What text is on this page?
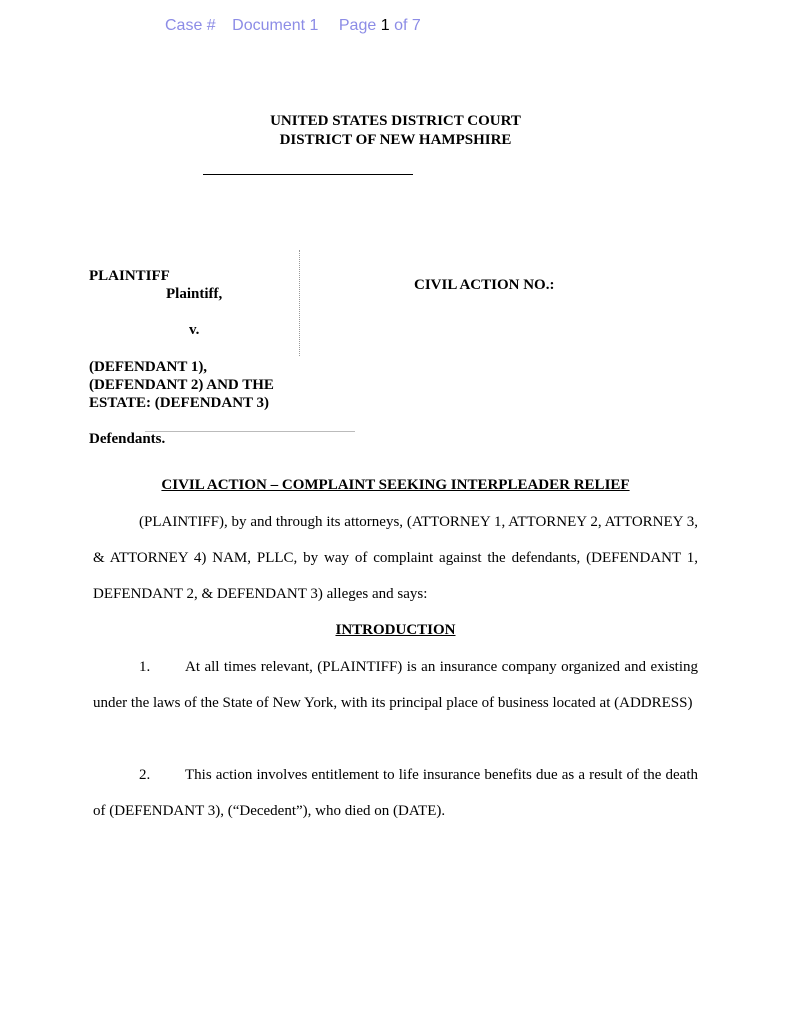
Case # Document 1 Page 1 of 7
UNITED STATES DISTRICT COURT
DISTRICT OF NEW HAMPSHIRE
PLAINTIFF
Plaintiff,
v.
(DEFENDANT 1),
(DEFENDANT 2) AND THE
ESTATE: (DEFENDANT 3)
Defendants.
CIVIL ACTION NO.:
CIVIL ACTION – COMPLAINT SEEKING INTERPLEADER RELIEF
(PLAINTIFF), by and through its attorneys, (ATTORNEY 1, ATTORNEY 2, ATTORNEY 3, & ATTORNEY 4) NAM, PLLC, by way of complaint against the defendants, (DEFENDANT 1, DEFENDANT 2, & DEFENDANT 3) alleges and says:
INTRODUCTION
1. At all times relevant, (PLAINTIFF) is an insurance company organized and existing under the laws of the State of New York, with its principal place of business located at (ADDRESS)
2. This action involves entitlement to life insurance benefits due as a result of the death of (DEFENDANT 3), (“Decedent”), who died on (DATE).
